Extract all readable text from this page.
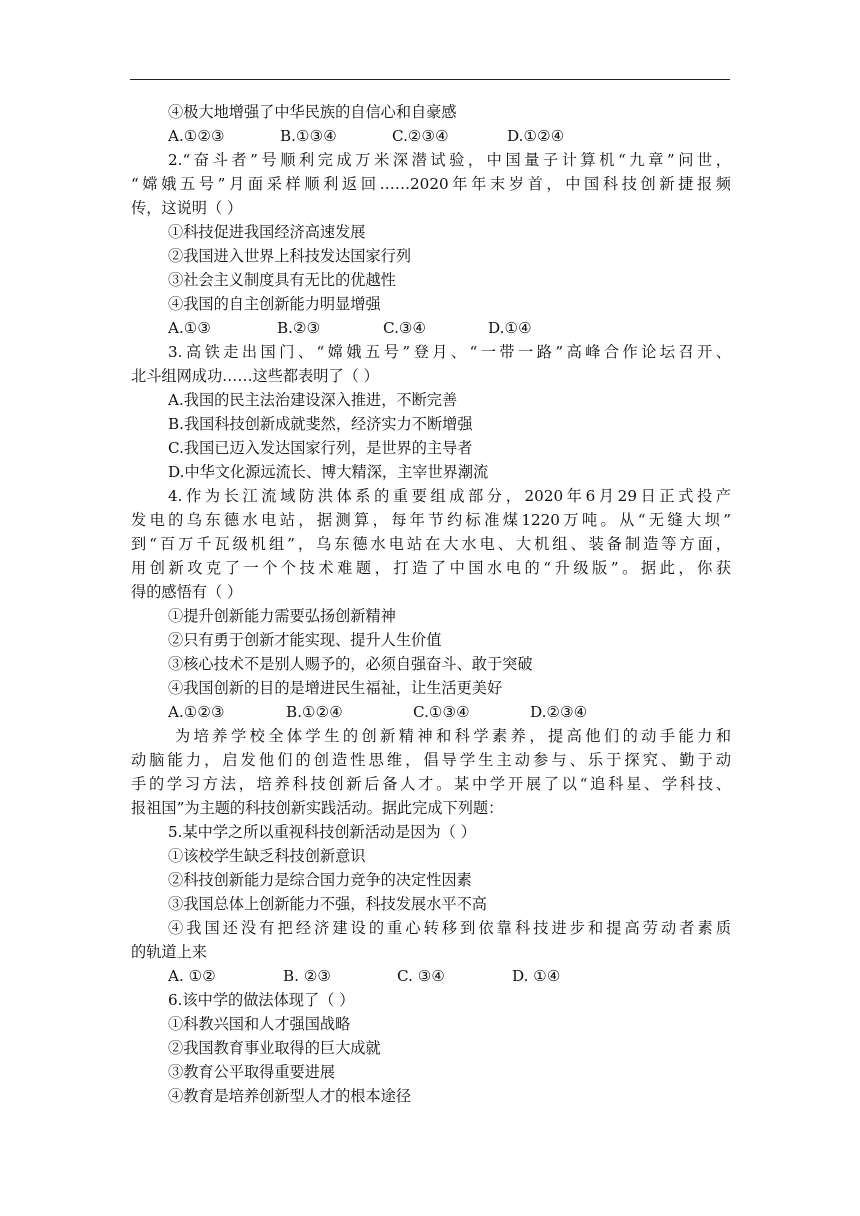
④极大地增强了中华民族的自信心和自豪感
A.①②③	B.①③④	C.②③④	D.①②④
2.“奋斗者”号顺利完成万米深潜试验，中国量子计算机“九章”问世，
“嫦娥五号”月面采样顺利返回……2020年年末岁首，中国科技创新捷报频
传，这说明（ ）
①科技促进我国经济高速发展
②我国进入世界上科技发达国家行列
③社会主义制度具有无比的优越性
④我国的自主创新能力明显增强
A.①③	B.②③	C.③④	D.①④
3.高铁走出国门、“嫦娥五号”登月、“一带一路”高峰合作论坛召开、
北斗组网成功……这些都表明了（ ）
A.我国的民主法治建设深入推进，不断完善
B.我国科技创新成就斐然，经济实力不断增强
C.我国已迈入发达国家行列，是世界的主导者
D.中华文化源远流长、博大精深，主宰世界潮流
4.作为长江流域防洪体系的重要组成部分，2020年6月29日正式投产
发电的乌东德水电站，据测算，每年节约标准煤1220万吨。从“无缝大坝”
到“百万千瓦级机组”，乌东德水电站在大水电、大机组、装备制造等方面，
用创新攻克了一个个技术难题，打造了中国水电的“升级版”。据此，你获
得的感悟有（ ）
①提升创新能力需要弘扬创新精神
②只有勇于创新才能实现、提升人生价值
③核心技术不是别人赐予的，必须自强奋斗、敢于突破
④我国创新的目的是增进民生福祉，让生活更美好
A.①②③	B.①②④	C.①③④	D.②③④
为培养学校全体学生的创新精神和科学素养，提高他们的动手能力和
动脑能力，启发他们的创造性思维，倡导学生主动参与、乐于探究、勤于动
手的学习方法，培养科技创新后备人才。某中学开展了以“追科星、学科技、
报祖国”为主题的科技创新实践活动。据此完成下列题：
5.某中学之所以重视科技创新活动是因为（ ）
①该校学生缺乏科技创新意识
②科技创新能力是综合国力竞争的决定性因素
③我国总体上创新能力不强，科技发展水平不高
④我国还没有把经济建设的重心转移到依靠科技进步和提高劳动者素质
的轨道上来
A. ①②	B. ②③	C. ③④	D. ①④
6.该中学的做法体现了（ ）
①科教兴国和人才强国战略
②我国教育事业取得的巨大成就
③教育公平取得重要进展
④教育是培养创新型人才的根本途径
